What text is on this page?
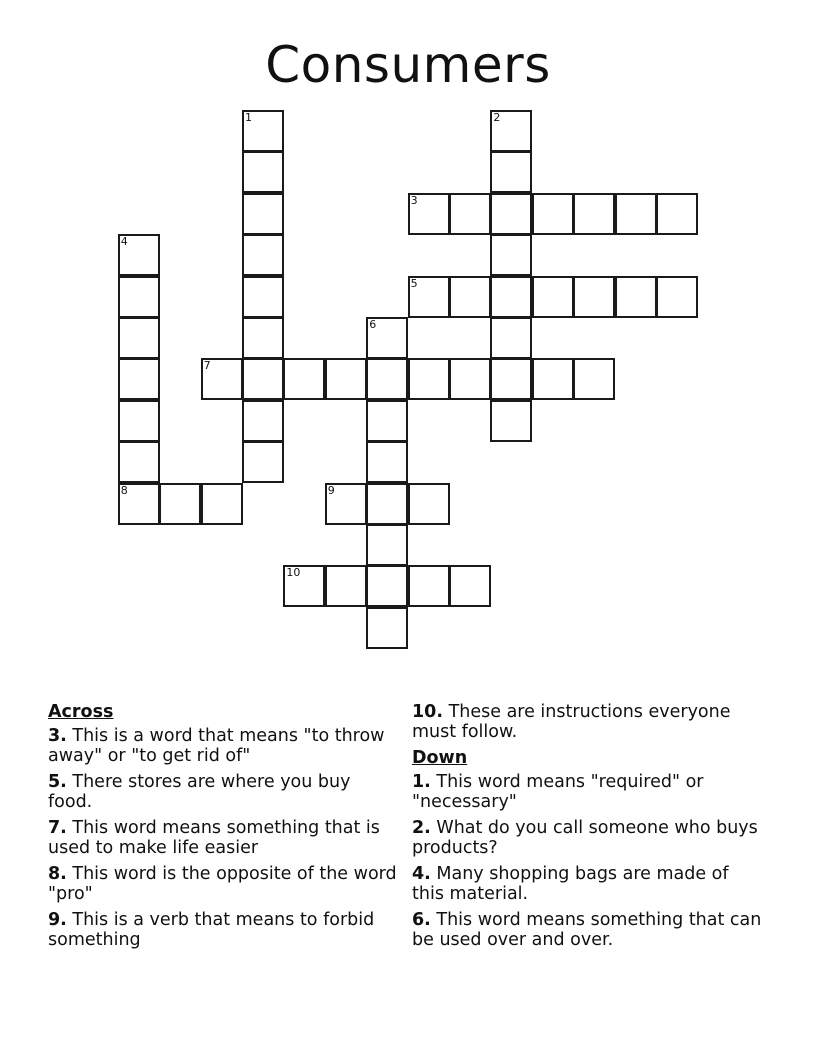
Consumers
1	2
3
4
8
5
6
7
9
10
Across
3. This is a word that means "to throw away" or "to get rid of"
5. There stores are where you buy food.
7. This word means something that is used to make life easier
8. This word is the opposite of the word "pro"
9. This is a verb that means to forbid something
10. These are instructions everyone must follow.
Down
1. This word means "required" or "necessary"
2. What do you call someone who buys products?
4. Many shopping bags are made of this material.
6. This word means something that can be used over and over.
